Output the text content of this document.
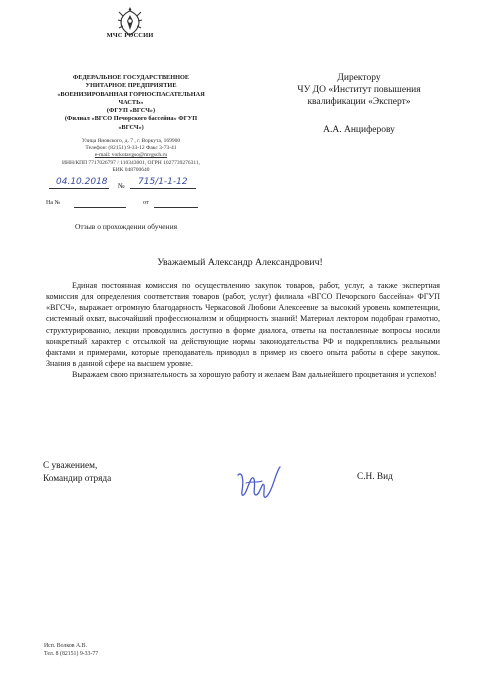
МЧС РОССИИ
ФЕДЕРАЛЬНОЕ ГОСУДАРСТВЕННОЕ
УНИТАРНОЕ ПРЕДПРИЯТИЕ
«ВОЕНИЗИРОВАННАЯ ГОРНОСПАСАТЕЛЬНАЯ
ЧАСТЬ»
(ФГУП «ВГСЧ»)
(Филиал «ВГСО Печорского бассейна» ФГУП
«ВГСЧ»)
Улица Яновского, д. 7 , г. Воркута, 169900
Телефон: (82151) 9-33-12 Факс 3-73-41
e-mail: vorkutavgso@mvgsch.ru
ИНН/КПП 7717026797 / 110343001, ОГРН 1027739276311,
БИК 048700640
04.10.2018 № 715/1-1-12
На №	от
Отзыв о прохождении обучения
Директору
ЧУ ДО «Институт повышения
квалификации «Эксперт»
А.А. Анциферову
Уважаемый Александр Александрович!

Единая постоянная комиссия по осуществлению закупок товаров, работ, услуг, а также экспертная комиссия для определения соответствия товаров (работ, услуг) филиала «ВГСО Печорского бассейна» ФГУП «ВГСЧ», выражает огромную благодарность Черкасовой Любови Алексеевне за высокий уровень компетенции, системный охват, высочайший профессионализм и общирность знаний! Материал лектором подобран грамотно, структурированно, лекции проводились доступно в форме диалога, ответы на поставленные вопросы носили конкретный характер с отсылкой на действующие нормы законодательства РФ и подкреплялись реальными фактами и примерами, которые преподаватель приводил в пример из своего опыта работы в сфере закупок. Знания в данной сфере на высшем уровне.

Выражаем свою признательность за хорошую работу и желаем Вам дальнейшего процветания и успехов!

С уважением,
Командир отряда	С.Н. Вид
Исп. Волков А.В.
Тел. 8 (82151) 9-33-77
